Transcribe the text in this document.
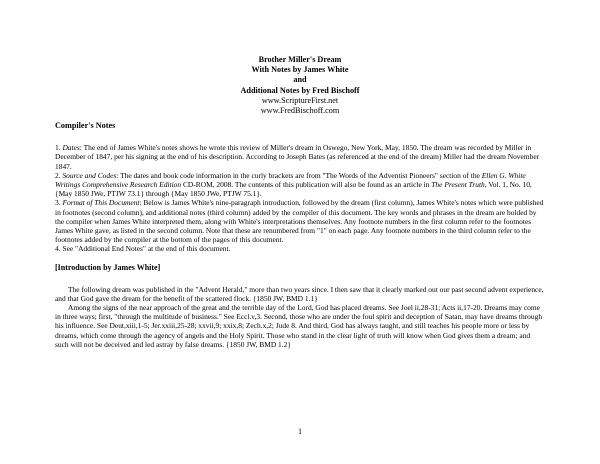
Brother Miller's Dream
With Notes by James White
and
Additional Notes by Fred Bischoff
www.ScriptureFirst.net
www.FredBischoff.com
Compiler's Notes

1. Dates: The end of James White's notes shows he wrote this review of Miller's dream in Oswego, New York, May, 1850. The dream was recorded by Miller in December of 1847, per his signing at the end of his description. According to Joseph Bates (as referenced at the end of the dream) Miller had the dream November 1847.

2. Source and Codes: The dates and book code information in the curly brackets are from "The Words of the Adventist Pioneers" section of the Ellen G. White Writings Comprehensive Research Edition CD-ROM, 2008. The contents of this publication will also be found as an article in The Present Truth, Vol. 1, No. 10, {May 1850 JWe, PTJW 73.1} through {May 1850 JWe, PTJW 75.1}.

3. Format of This Document: Below is James White's nine-paragraph introduction, followed by the dream (first column), James White's notes which were published in footnotes (second column), and additional notes (third column) added by the compiler of this document. The key words and phrases in the dream are bolded by the compiler when James White interpreted them, along with White's interpretations themselves. Any footnote numbers in the first column refer to the footnotes James White gave, as listed in the second column. Note that these are renumbered from "1" on each page. Any footnote numbers in the third column refer to the footnotes added by the compiler at the bottom of the pages of this document.

4. See "Additional End Notes" at the end of this document.

[Introduction by James White]

The following dream was published in the "Advent Herald," more than two years since. I then saw that it clearly marked out our past second advent experience, and that God gave the dream for the benefit of the scattered flock. {1850 JW, BMD 1.1}

Among the signs of the near approach of the great and the terrible day of the Lord, God has placed dreams. See Joel ii,28-31; Acts ii,17-20. Dreams may come in three ways; first, "through the multitude of business." See Eccl.v,3. Second, those who are under the foul spirit and deception of Satan, may have dreams through his influence. See Deut,xiii,1-5; Jer.xxiii,25-28; xxvii,9; xxix,8; Zech.x,2; Jude 8. And third, God has always taught, and still teaches his people more or less by dreams, which come through the agency of angels and the Holy Spirit. Those who stand in the clear light of truth will know when God gives them a dream; and such will not be deceived and led astray by false dreams. {1850 JW, BMD 1.2}

1
